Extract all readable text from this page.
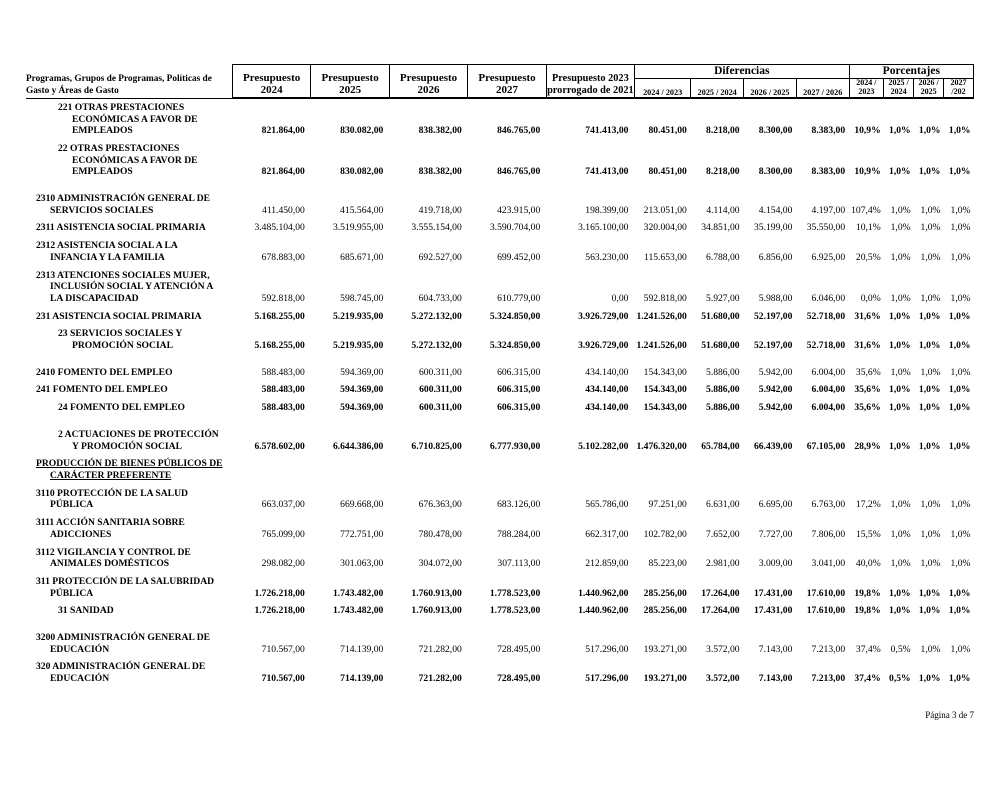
Programas, Grupos de Programas, Políticas de Gasto y Áreas de Gasto	Presupuesto 2024	Presupuesto 2025	Presupuesto 2026	Presupuesto 2027	Presupuesto 2023 prorrogado de 2021	Diferencias				Porcentajes			
						2024 / 2023	2025 / 2024	2026 / 2025	2027 / 2026	2024 / 2023	2025 / 2024	2026 / 2025	2027 /202

221 OTRAS PRESTACIONES ECONÓMICAS A FAVOR DE EMPLEADOS	821.864,00	830.082,00	838.382,00	846.765,00	741.413,00	80.451,00	8.218,00	8.300,00	8.383,00	10,9%	1,0%	1,0%	1,0%
22 OTRAS PRESTACIONES ECONÓMICAS A FAVOR DE EMPLEADOS	821.864,00	830.082,00	838.382,00	846.765,00	741.413,00	80.451,00	8.218,00	8.300,00	8.383,00	10,9%	1,0%	1,0%	1,0%

2310 ADMINISTRACIÓN GENERAL DE SERVICIOS SOCIALES	411.450,00	415.564,00	419.718,00	423.915,00	198.399,00	213.051,00	4.114,00	4.154,00	4.197,00	107,4%	1,0%	1,0%	1,0%
2311 ASISTENCIA SOCIAL PRIMARIA	3.485.104,00	3.519.955,00	3.555.154,00	3.590.704,00	3.165.100,00	320.004,00	34.851,00	35.199,00	35.550,00	10,1%	1,0%	1,0%	1,0%
2312 ASISTENCIA SOCIAL A LA INFANCIA Y LA FAMILIA	678.883,00	685.671,00	692.527,00	699.452,00	563.230,00	115.653,00	6.788,00	6.856,00	6.925,00	20,5%	1,0%	1,0%	1,0%
2313 ATENCIONES SOCIALES MUJER, INCLUSIÓN SOCIAL Y ATENCIÓN A LA DISCAPACIDAD	592.818,00	598.745,00	604.733,00	610.779,00	0,00	592.818,00	5.927,00	5.988,00	6.046,00	0,0%	1,0%	1,0%	1,0%
231 ASISTENCIA SOCIAL PRIMARIA	5.168.255,00	5.219.935,00	5.272.132,00	5.324.850,00	3.926.729,00	1.241.526,00	51.680,00	52.197,00	52.718,00	31,6%	1,0%	1,0%	1,0%
23 SERVICIOS SOCIALES Y PROMOCIÓN SOCIAL	5.168.255,00	5.219.935,00	5.272.132,00	5.324.850,00	3.926.729,00	1.241.526,00	51.680,00	52.197,00	52.718,00	31,6%	1,0%	1,0%	1,0%

2410 FOMENTO DEL EMPLEO	588.483,00	594.369,00	600.311,00	606.315,00	434.140,00	154.343,00	5.886,00	5.942,00	6.004,00	35,6%	1,0%	1,0%	1,0%
241 FOMENTO DEL EMPLEO	588.483,00	594.369,00	600.311,00	606.315,00	434.140,00	154.343,00	5.886,00	5.942,00	6.004,00	35,6%	1,0%	1,0%	1,0%
24 FOMENTO DEL EMPLEO	588.483,00	594.369,00	600.311,00	606.315,00	434.140,00	154.343,00	5.886,00	5.942,00	6.004,00	35,6%	1,0%	1,0%	1,0%

2 ACTUACIONES DE PROTECCIÓN Y PROMOCIÓN SOCIAL	6.578.602,00	6.644.386,00	6.710.825,00	6.777.930,00	5.102.282,00	1.476.320,00	65.784,00	66.439,00	67.105,00	28,9%	1,0%	1,0%	1,0%
PRODUCCIÓN DE BIENES PÚBLICOS DE CARÁCTER PREFERENTE													
3110 PROTECCIÓN DE LA SALUD PÚBLICA	663.037,00	669.668,00	676.363,00	683.126,00	565.786,00	97.251,00	6.631,00	6.695,00	6.763,00	17,2%	1,0%	1,0%	1,0%
3111 ACCIÓN SANITARIA SOBRE ADICCIONES	765.099,00	772.751,00	780.478,00	788.284,00	662.317,00	102.782,00	7.652,00	7.727,00	7.806,00	15,5%	1,0%	1,0%	1,0%
3112 VIGILANCIA Y CONTROL DE ANIMALES DOMÉSTICOS	298.082,00	301.063,00	304.072,00	307.113,00	212.859,00	85.223,00	2.981,00	3.009,00	3.041,00	40,0%	1,0%	1,0%	1,0%
311 PROTECCIÓN DE LA SALUBRIDAD PÚBLICA	1.726.218,00	1.743.482,00	1.760.913,00	1.778.523,00	1.440.962,00	285.256,00	17.264,00	17.431,00	17.610,00	19,8%	1,0%	1,0%	1,0%
31 SANIDAD	1.726.218,00	1.743.482,00	1.760.913,00	1.778.523,00	1.440.962,00	285.256,00	17.264,00	17.431,00	17.610,00	19,8%	1,0%	1,0%	1,0%

3200 ADMINISTRACIÓN GENERAL DE EDUCACIÓN	710.567,00	714.139,00	721.282,00	728.495,00	517.296,00	193.271,00	3.572,00	7.143,00	7.213,00	37,4%	0,5%	1,0%	1,0%
320 ADMINISTRACIÓN GENERAL DE EDUCACIÓN	710.567,00	714.139,00	721.282,00	728.495,00	517.296,00	193.271,00	3.572,00	7.143,00	7.213,00	37,4%	0,5%	1,0%	1,0%
Página 3 de 7
